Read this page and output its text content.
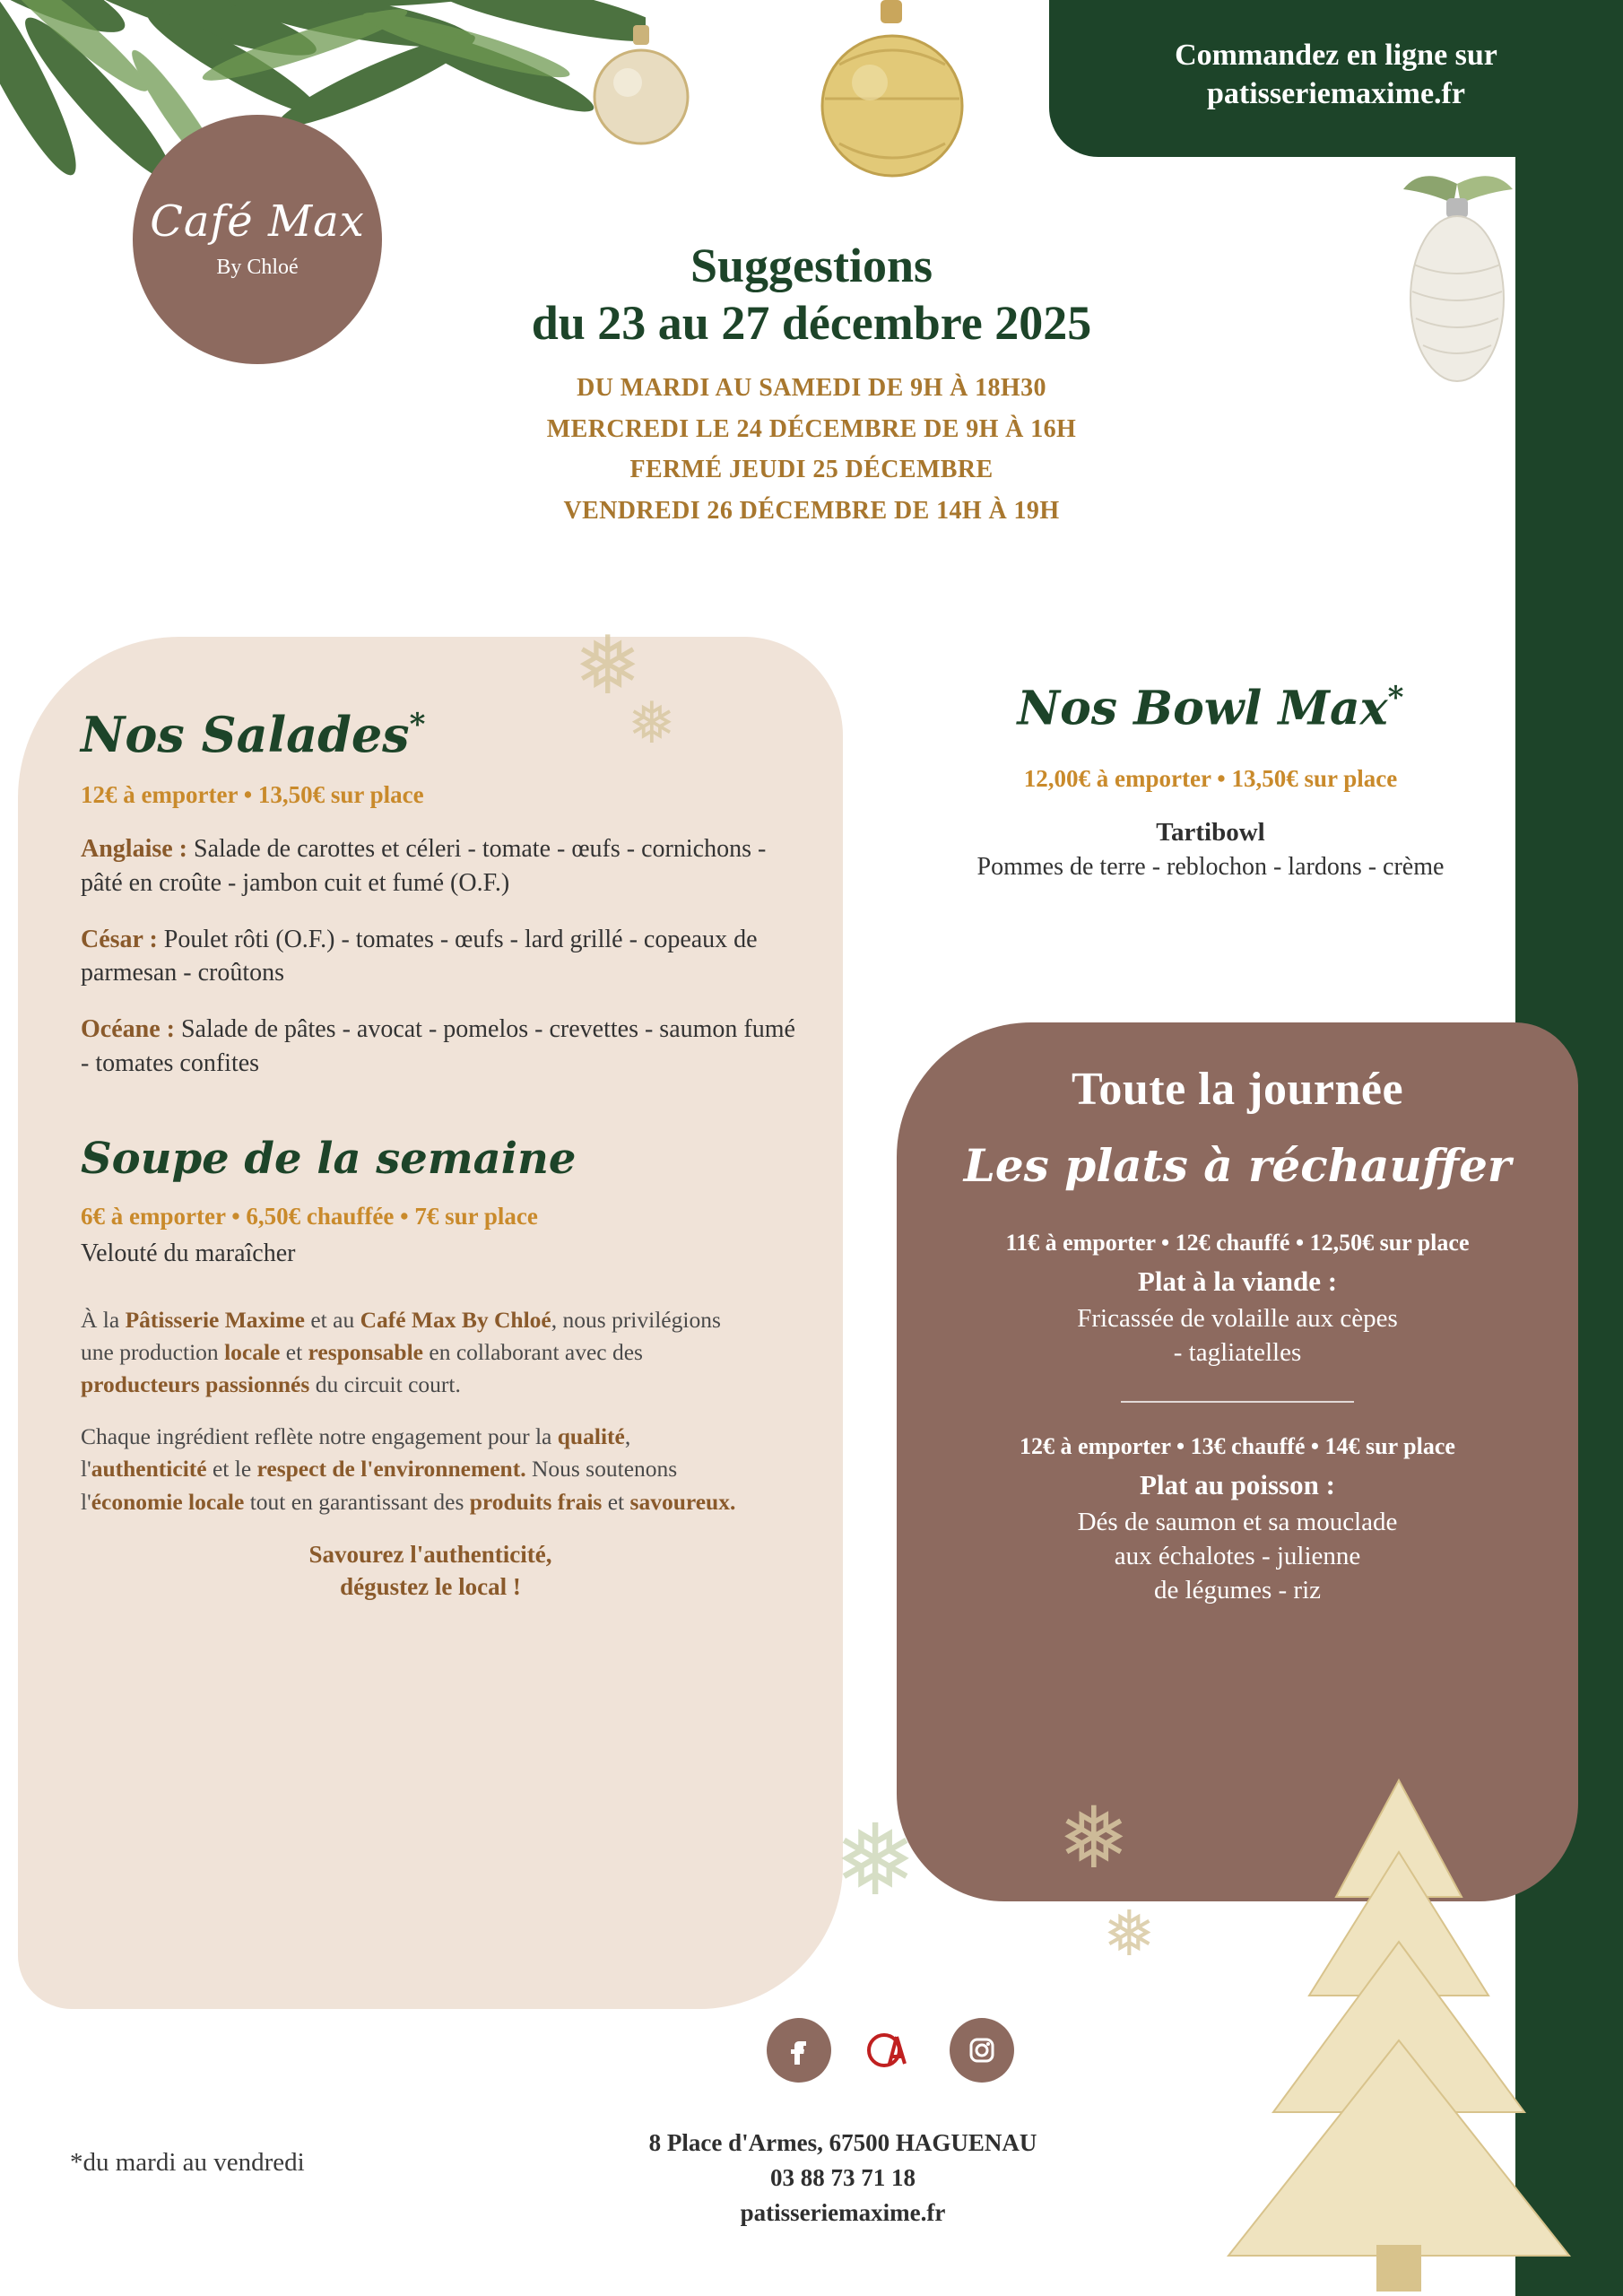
❅
❅
❅ ❅
❅
Commandez en ligne sur
patisseriemaxime.fr
Café Max
By Chloé	Suggestions
du 23 au 27 décembre 2025
DU MARDI AU SAMEDI DE 9H À 18H30
MERCREDI LE 24 DÉCEMBRE DE 9H À 16H
FERMÉ JEUDI 25 DÉCEMBRE
VENDREDI 26 DÉCEMBRE DE 14H À 19H
Nos Salades*
12€ à emporter • 13,50€ sur place
Anglaise : Salade de carottes et céleri - tomate - œufs - cornichons - pâté en croûte - jambon cuit et fumé (O.F.)
César : Poulet rôti (O.F.) - tomates - œufs - lard grillé - copeaux de parmesan - croûtons
Océane : Salade de pâtes - avocat - pomelos - crevettes - saumon fumé - tomates confites
Soupe de la semaine
6€ à emporter • 6,50€ chauffée • 7€ sur place
Velouté du maraîcher

À la Pâtisserie Maxime et au Café Max By Chloé, nous privilégions une production locale et responsable en collaborant avec des producteurs passionnés du circuit court.

Chaque ingrédient reflète notre engagement pour la qualité, l'authenticité et le respect de l'environnement. Nous soutenons l'économie locale tout en garantissant des produits frais et savoureux.

Savourez l'authenticité,
dégustez le local !
Nos Bowl Max*
12,00€ à emporter • 13,50€ sur place
Tartibowl
Pommes de terre - reblochon - lardons - crème
Toute la journée
Les plats à réchauffer
11€ à emporter • 12€ chauffé • 12,50€ sur place
Plat à la viande :
Fricassée de volaille aux cèpes
- tagliatelles
12€ à emporter • 13€ chauffé • 14€ sur place
Plat au poisson :
Dés de saumon et sa mouclade
aux échalotes - julienne
de légumes - riz
8 Place d'Armes, 67500 HAGUENAU
03 88 73 71 18
patisseriemaxime.fr
*du mardi au vendredi
